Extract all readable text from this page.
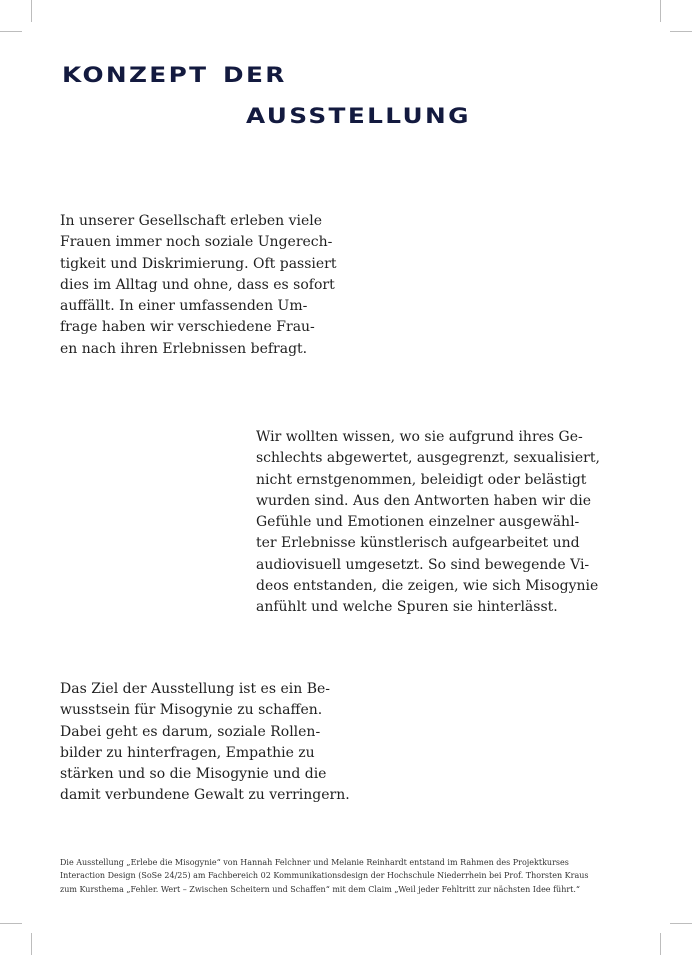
konzept der
ausstellung
In unserer Gesellschaft erleben viele
Frauen immer noch soziale Ungerech-
tigkeit und Diskrimierung. Oft passiert
dies im Alltag und ohne, dass es sofort
auffällt. In einer umfassenden Um-
frage haben wir verschiedene Frau-
en nach ihren Erlebnissen befragt.
Wir wollten wissen, wo sie aufgrund ihres Ge-
schlechts abgewertet, ausgegrenzt, sexualisiert,
nicht ernstgenommen, beleidigt oder belästigt
wurden sind. Aus den Antworten haben wir die
Gefühle und Emotionen einzelner ausgewähl-
ter Erlebnisse künstlerisch aufgearbeitet und
audiovisuell umgesetzt. So sind bewegende Vi-
deos entstanden, die zeigen, wie sich Misogynie
anfühlt und welche Spuren sie hinterlässt.
Das Ziel der Ausstellung ist es ein Be-
wusstsein für Misogynie zu schaffen.
Dabei geht es darum, soziale Rollen-
bilder zu hinterfragen, Empathie zu
stärken und so die Misogynie und die
damit verbundene Gewalt zu verringern.
Die Ausstellung „Erlebe die Misogynie“ von Hannah Felchner und Melanie Reinhardt entstand im Rahmen des Projektkurses
Interaction Design (SoSe 24/25) am Fachbereich 02 Kommunikationsdesign der Hochschule Niederrhein bei Prof. Thorsten Kraus
zum Kursthema „Fehler. Wert – Zwischen Scheitern und Schaffen“ mit dem Claim „Weil jeder Fehltritt zur nächsten Idee führt.“
